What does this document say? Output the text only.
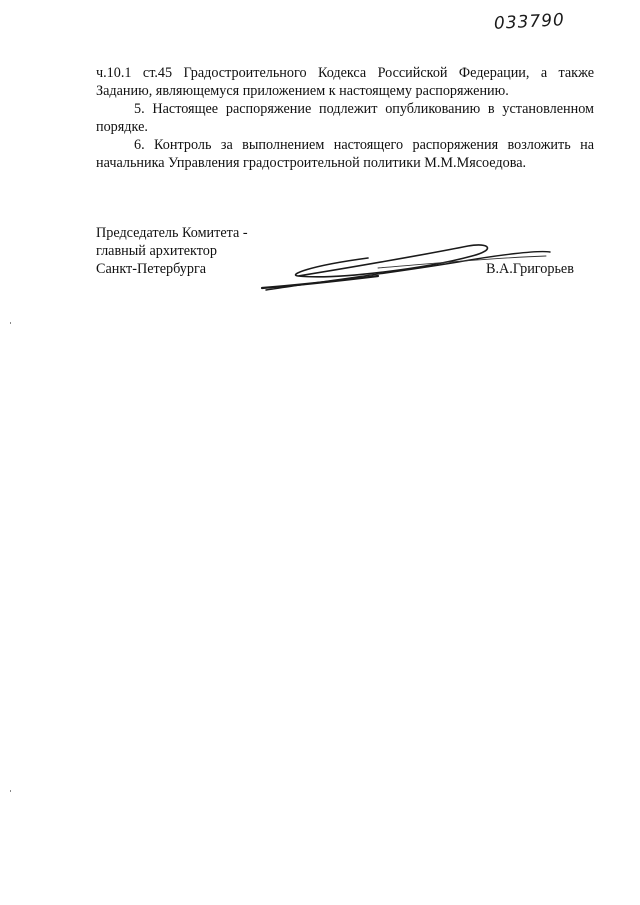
033790

ч.10.1 ст.45 Градостроительного Кодекса Российской Федерации, а также

Заданию, являющемуся приложением к настоящему распоряжению.

5. Настоящее распоряжение подлежит опубликованию в установленном порядке.

6. Контроль за выполнением настоящего распоряжения возложить на начальника Управления градостроительной политики М.М.Мясоедова.

Председатель Комитета -
главный архитектор
Санкт-Петербурга	В.А.Григорьев
